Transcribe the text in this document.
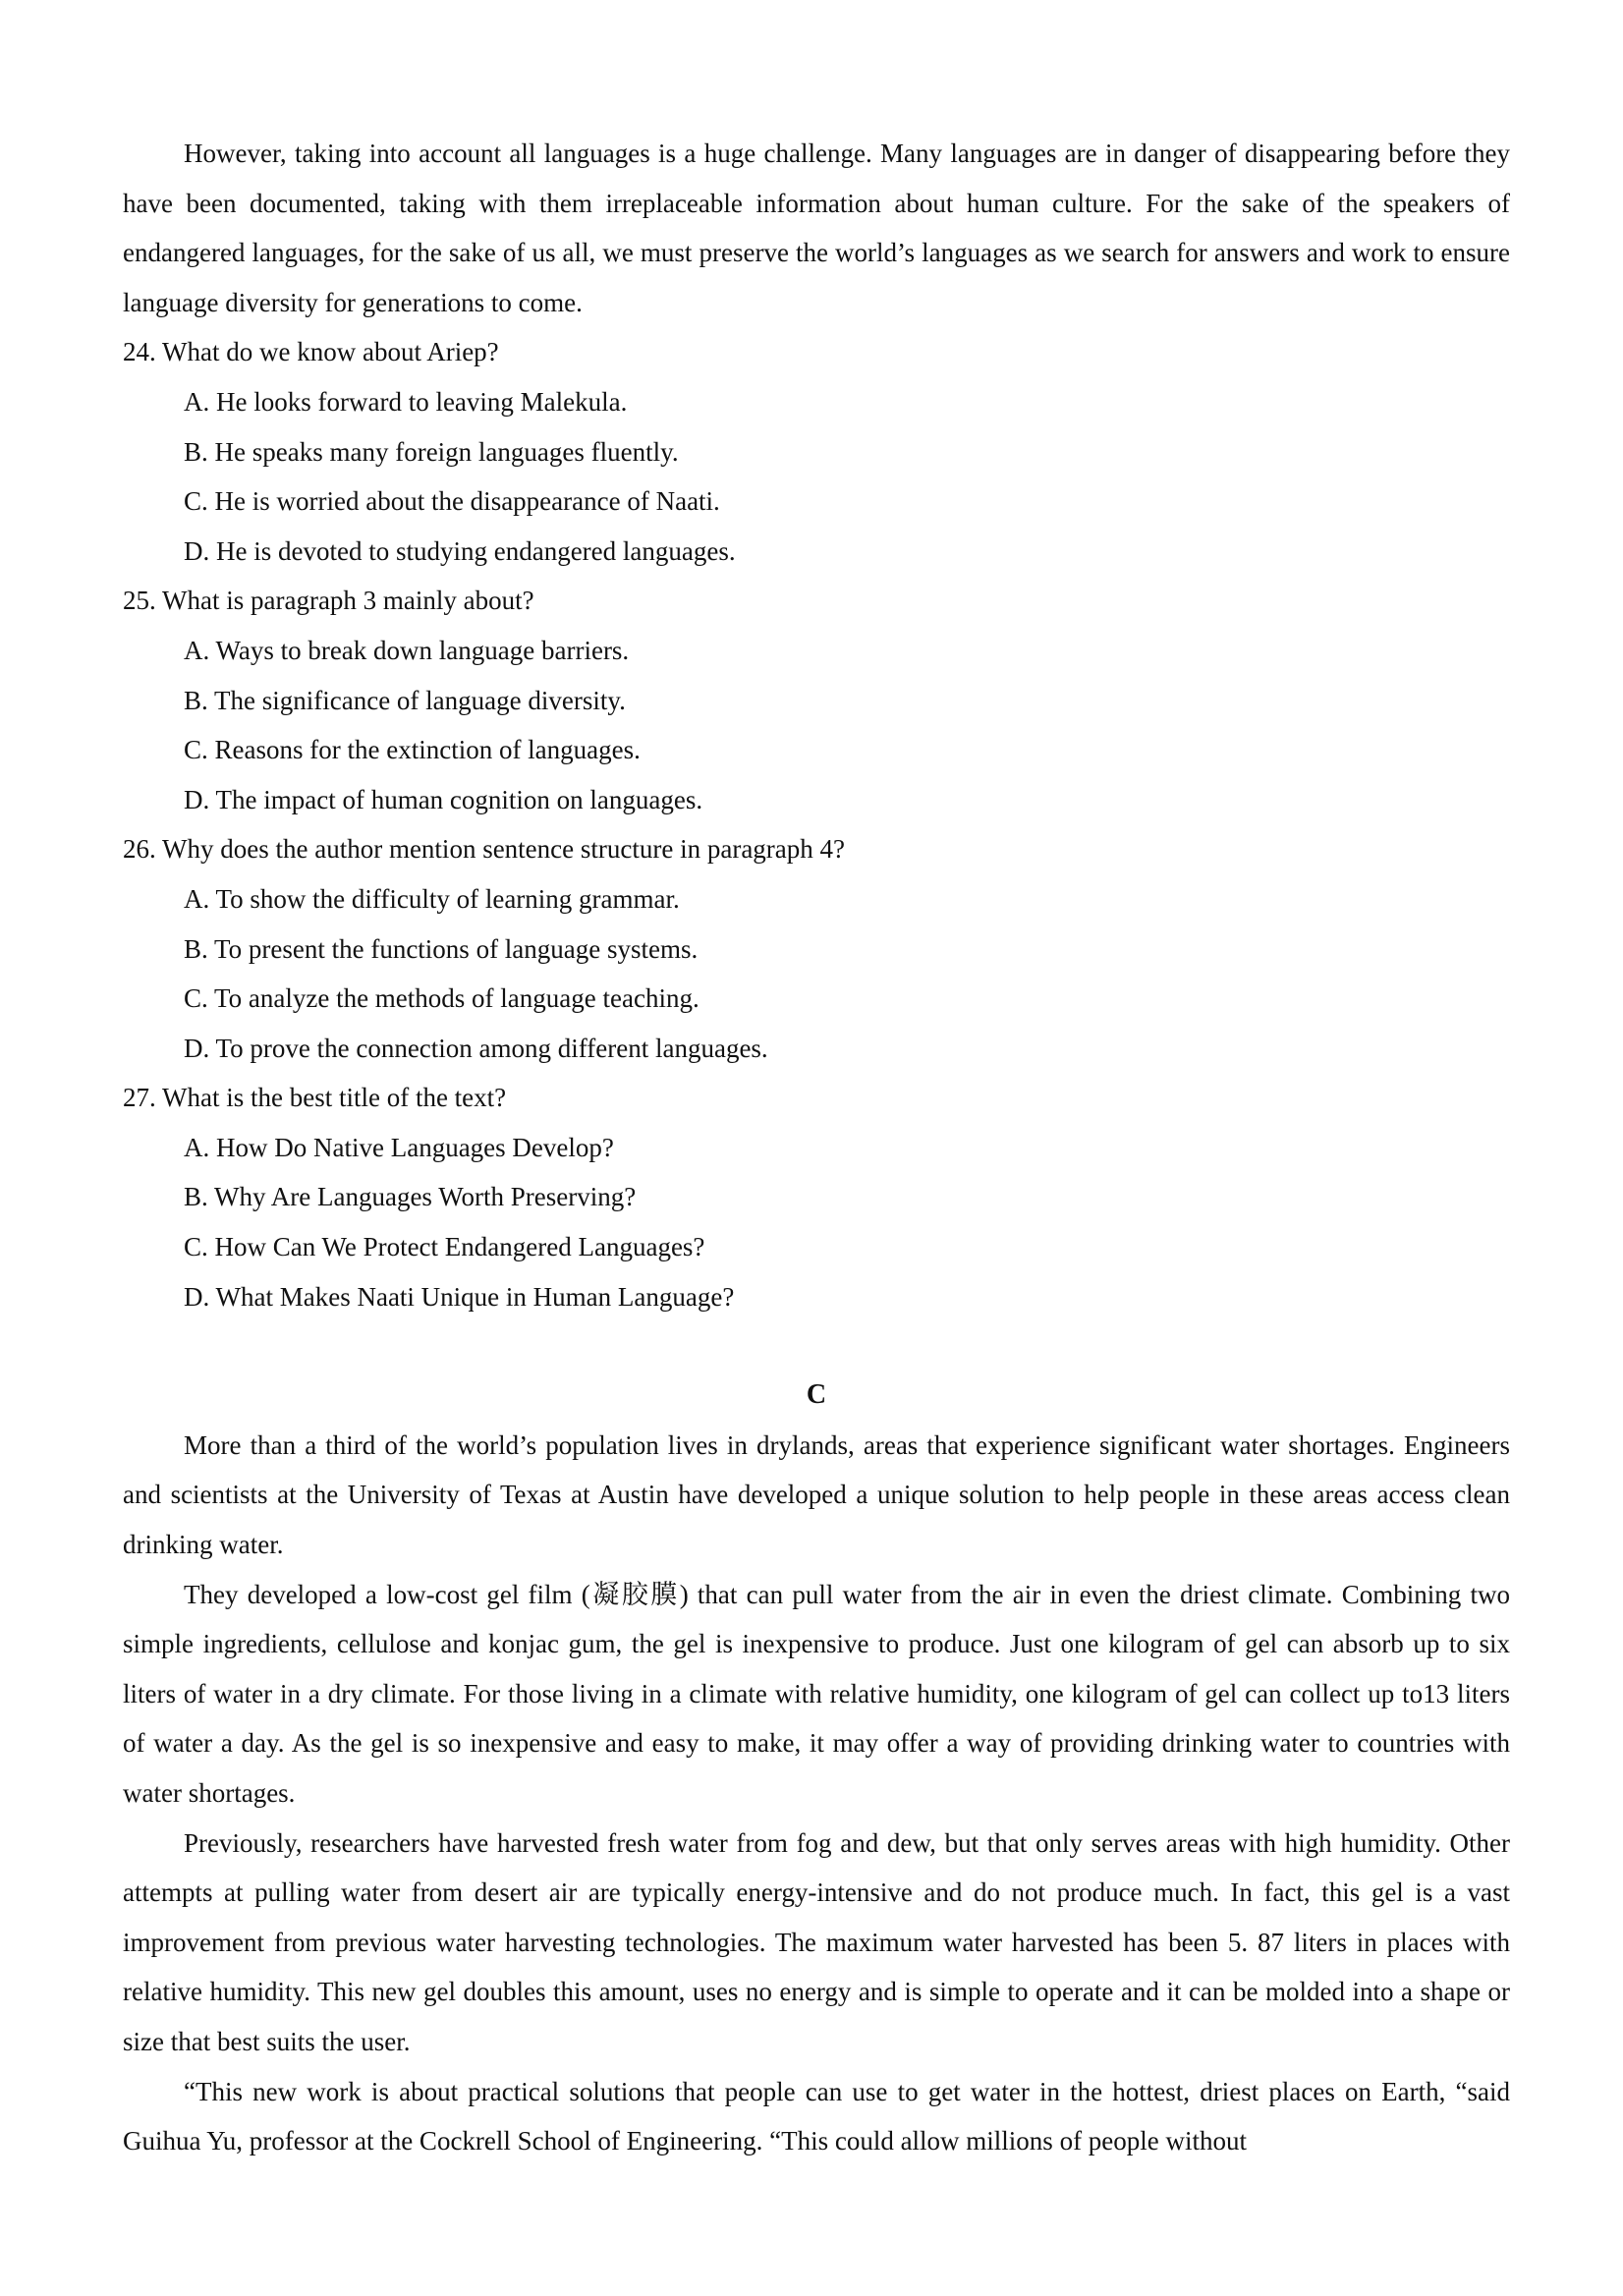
However, taking into account all languages is a huge challenge. Many languages are in danger of disappearing before they have been documented, taking with them irreplaceable information about human culture. For the sake of the speakers of endangered languages, for the sake of us all, we must preserve the world’s languages as we search for answers and work to ensure language diversity for generations to come.

24. What do we know about Ariep?

A. He looks forward to leaving Malekula.

B. He speaks many foreign languages fluently.

C. He is worried about the disappearance of Naati.

D. He is devoted to studying endangered languages.

25. What is paragraph 3 mainly about?

A. Ways to break down language barriers.

B. The significance of language diversity.

C. Reasons for the extinction of languages.

D. The impact of human cognition on languages.

26. Why does the author mention sentence structure in paragraph 4?

A. To show the difficulty of learning grammar.

B. To present the functions of language systems.

C. To analyze the methods of language teaching.

D. To prove the connection among different languages.

27. What is the best title of the text?

A. How Do Native Languages Develop?

B. Why Are Languages Worth Preserving?

C. How Can We Protect Endangered Languages?

D. What Makes Naati Unique in Human Language?

C

More than a third of the world’s population lives in drylands, areas that experience significant water shortages. Engineers and scientists at the University of Texas at Austin have developed a unique solution to help people in these areas access clean drinking water.

They developed a low-cost gel film (凝胶膜) that can pull water from the air in even the driest climate. Combining two simple ingredients, cellulose and konjac gum, the gel is inexpensive to produce. Just one kilogram of gel can absorb up to six liters of water in a dry climate. For those living in a climate with relative humidity, one kilogram of gel can collect up to13 liters of water a day. As the gel is so inexpensive and easy to make, it may offer a way of providing drinking water to countries with water shortages.

Previously, researchers have harvested fresh water from fog and dew, but that only serves areas with high humidity. Other attempts at pulling water from desert air are typically energy-intensive and do not produce much. In fact, this gel is a vast improvement from previous water harvesting technologies. The maximum water harvested has been 5. 87 liters in places with relative humidity. This new gel doubles this amount, uses no energy and is simple to operate and it can be molded into a shape or size that best suits the user.

“This new work is about practical solutions that people can use to get water in the hottest, driest places on Earth, “said Guihua Yu, professor at the Cockrell School of Engineering. “This could allow millions of people without
